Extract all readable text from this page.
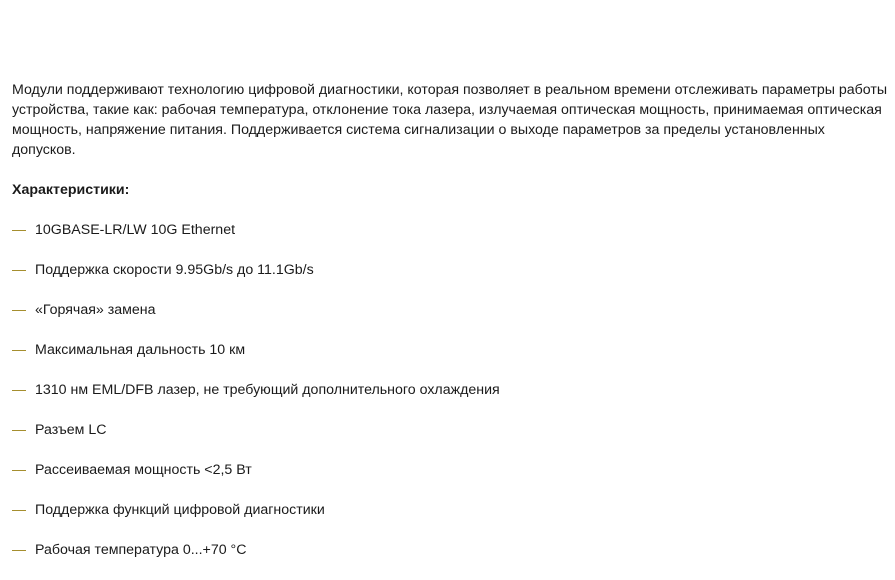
Модули поддерживают технологию цифровой диагностики, которая позволяет в реальном времени отслеживать параметры работы
устройства, такие как: рабочая температура, отклонение тока лазера, излучаемая оптическая мощность, принимаемая оптическая
мощность, напряжение питания. Поддерживается система сигнализации о выходе параметров за пределы установленных допусков.

Характеристики:
10GBASE-LR/LW 10G Ethernet
Поддержка скорости 9.95Gb/s до 11.1Gb/s
«Горячая» замена
Максимальная дальность 10 км
1310 нм EML/DFB лазер, не требующий дополнительного охлаждения
Разъем LC
Рассеиваемая мощность <2,5 Вт
Поддержка функций цифровой диагностики
Рабочая температура 0...+70 °С
